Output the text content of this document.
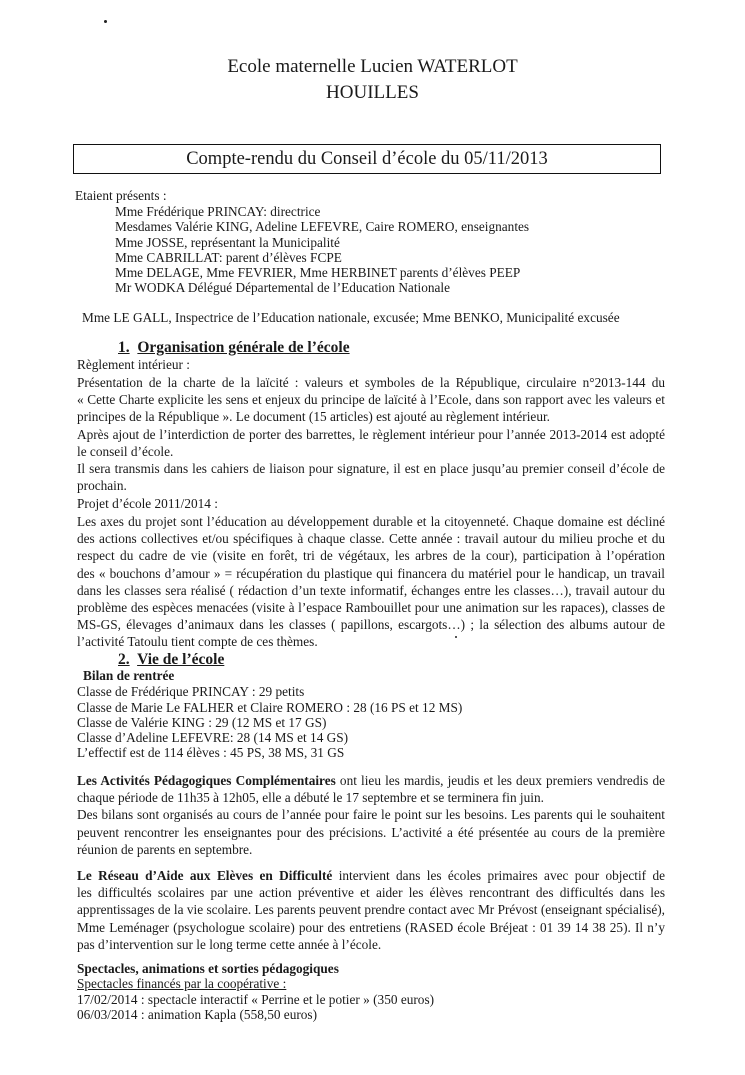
Ecole maternelle Lucien WATERLOT
HOUILLES
Compte-rendu du Conseil d’école du 05/11/2013
Etaient présents :
Mme Frédérique PRINCAY: directrice
Mesdames Valérie KING, Adeline LEFEVRE, Caire ROMERO, enseignantes
Mme JOSSE, représentant la Municipalité
Mme CABRILLAT: parent d’élèves FCPE
Mme DELAGE, Mme FEVRIER, Mme HERBINET parents d’élèves PEEP
Mr WODKA Délégué Départemental de l’Education Nationale
Mme LE GALL, Inspectrice de l’Education nationale, excusée; Mme BENKO, Municipalité excusée
1. Organisation générale de l’école
Règlement intérieur :
Présentation de la charte de la laïcité : valeurs et symboles de la République, circulaire n°2013-144 du
« Cette Charte explicite les sens et enjeux du principe de laïcité à l’Ecole, dans son rapport avec les valeurs et
principes de la République ». Le document (15 articles) est ajouté au règlement intérieur.
Après ajout de l’interdiction de porter des barrettes, le règlement intérieur pour l’année 2013-2014 est adopté
le conseil d’école.
Il sera transmis dans les cahiers de liaison pour signature, il est en place jusqu’au premier conseil d’école de
prochain.
Projet d’école 2011/2014 :
Les axes du projet sont l’éducation au développement durable et la citoyenneté. Chaque domaine est décliné
des actions collectives et/ou spécifiques à chaque classe. Cette année : travail autour du milieu proche et du
respect du cadre de vie (visite en forêt, tri de végétaux, les arbres de la cour), participation à l’opération
des « bouchons d’amour » = récupération du plastique qui financera du matériel pour le handicap, un travail
dans les classes sera réalisé ( rédaction d’un texte informatif, échanges entre les classes…), travail autour du
problème des espèces menacées (visite à l’espace Rambouillet pour une animation sur les rapaces), classes de
MS-GS, élevages d’animaux dans les classes ( papillons, escargots…) ; la sélection des albums autour de
l’activité Tatoulu tient compte de ces thèmes.
2. Vie de l’école
Bilan de rentrée
Classe de Frédérique PRINCAY : 29 petits
Classe de Marie Le FALHER et Claire ROMERO : 28 (16 PS et 12 MS)
Classe de Valérie KING : 29 (12 MS et 17 GS)
Classe d’Adeline LEFEVRE: 28 (14 MS et 14 GS)
L’effectif est de 114 élèves : 45 PS, 38 MS, 31 GS
Les Activités Pédagogiques Complémentaires ont lieu les mardis, jeudis et les deux premiers vendredis de
chaque période de 11h35 à 12h05, elle a débuté le 17 septembre et se terminera fin juin.
Des bilans sont organisés au cours de l’année pour faire le point sur les besoins. Les parents qui le souhaitent
peuvent rencontrer les enseignantes pour des précisions. L’activité a été présentée au cours de la première
réunion de parents en septembre.
Le Réseau d’Aide aux Elèves en Difficulté intervient dans les écoles primaires avec pour objectif de
les difficultés scolaires par une action préventive et aider les élèves rencontrant des difficultés dans les
apprentissages de la vie scolaire. Les parents peuvent prendre contact avec Mr Prévost (enseignant spécialisé),
Mme Leménager (psychologue scolaire) pour des entretiens (RASED école Bréjeat : 01 39 14 38 25). Il n’y
pas d’intervention sur le long terme cette année à l’école.
Spectacles, animations et sorties pédagogiques
Spectacles financés par la coopérative :
17/02/2014 : spectacle interactif « Perrine et le potier » (350 euros)
06/03/2014 : animation Kapla (558,50 euros)
